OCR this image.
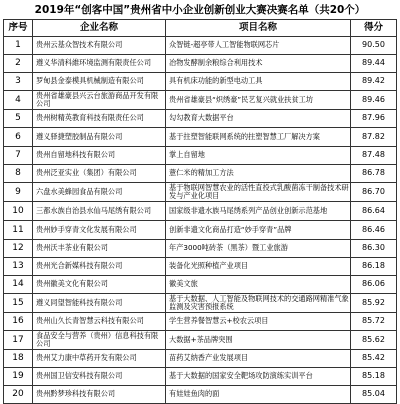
2019年“创客中国”贵州省中小企业创新创业大赛决赛名单（共20个）
序号	企业名称	项目名称	得分
1	贵州云基众智技术有限公司	众智链-超亭带人工智能物联网芯片	90.50
2	遵义华清科維环境监测有限责任公司	冶物发酵制余粮综合利用技术	89.44
3	罗甸县金泰模具机械制造有限公司	具有机床功能的新型电动工具	89.42
4	贵州省雄豪县兴云台旅游商品开发有限公司	贵州省雄豪县“炽绣豪”民艺复兴就业扶贫工坊	89.46
5	贵州树精英教育科技有限责任公司	勾勾教育大数据平台	87.96
6	遵义驿捷塑胶制品有限公司	基于拄塑智能联网系统的拄塑智慧工厂解决方案	87.82
7	贵州自留地科技有限公司	掌上自留地	87.48
8	贵州泛亚实业（集团）有限公司	薏仁米的精加工方法	86.78
9	六盘水美蜂园食品有限公司	基于物联网智慧农业的活性直投式乳酸菌冻干制备技术研发与产业化项目	86.70
10	三都水族自治县水仙马尾绣有限公司	国家级非遗水族马尾绣系列产品创业创新示范基地	86.64
11	贵州妙手穿青文化发展有限公司	创新非遗文化商品打造“妙手穿青”品牌	86.46
12	贵州沃丰茶业有限公司	年产3000吨砖茶（黑茶）暨工业旅游	86.30
13	贵州光合新媒科技有限公司	装备化光照种植产业项目	86.18
14	贵州徽美文化有限公司	徽美文旅	86.06
15	遵义同望智能科技有限公司	基于大数据、人工智能及物联网技术的交通路网精准气象监测及灾害预报系统	85.92
16	贵州山久长青智慧云科技有限公司	学生营养餐智慧云+校农云项目	85.72
17	食品安全与营养（贵州）信息科技有限公司	大数据+茶品牌突围	85.62
18	贵州艾力康中草药开发有限公司	苗药艾纳香产业发展项目	85.42
19	贵州国卫信安科技有限公司	基于大数据的国家安全靶场攻防演练实训平台	85.18
20	贵州黔梦珍科技有限公司	有娃娃鱼肉的面	85.04
